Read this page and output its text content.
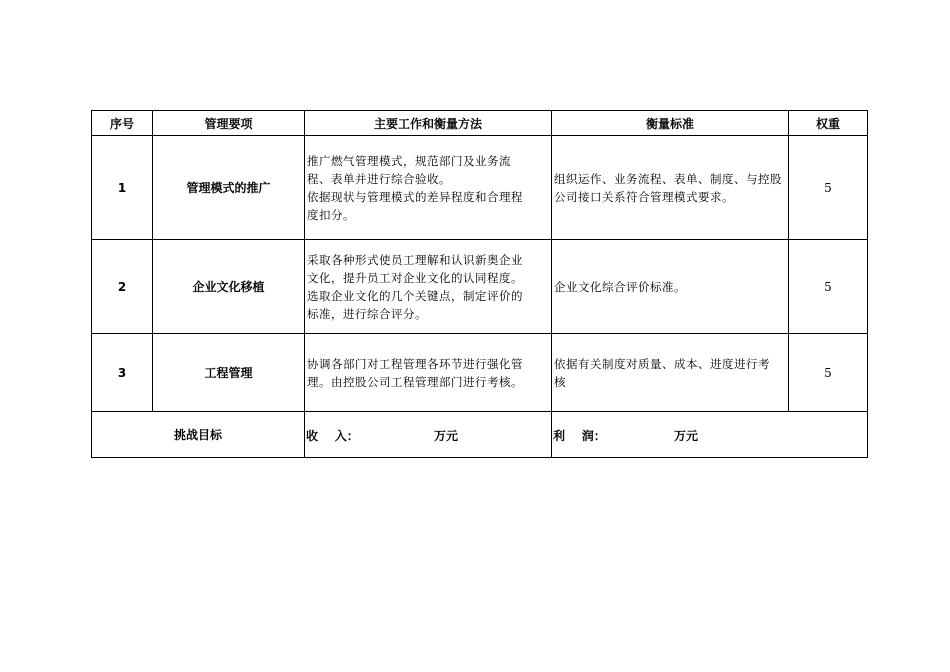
序号	管理要项	主要工作和衡量方法	衡量标准	权重
1	管理模式的推广	推广燃气管理模式，规范部门及业务流
程、表单并进行综合验收。
依据现状与管理模式的差异程度和合理程
度扣分。	组织运作、业务流程、表单、制度、与控股
公司接口关系符合管理模式要求。	5
2	企业文化移植	采取各种形式使员工理解和认识新奥企业
文化，提升员工对企业文化的认同程度。
选取企业文化的几个关键点，制定评价的
标准，进行综合评分。	企业文化综合评价标准。	5
3	工程管理	协调各部门对工程管理各环节进行强化管
理。由控股公司工程管理部门进行考核。	依据有关制度对质量、成本、进度进行考
核	5
挑战目标		收    入： 万元	利    润： 万元	
